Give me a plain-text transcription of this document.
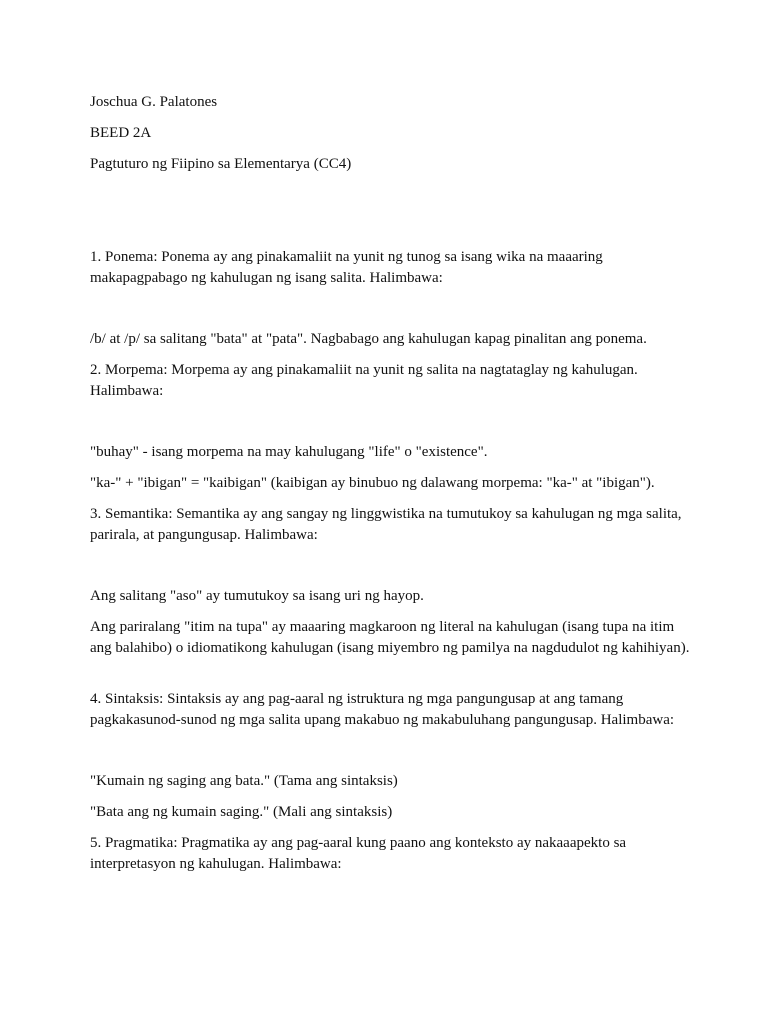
Joschua G. Palatones

BEED 2A

Pagtuturo ng Fiipino sa Elementarya (CC4)

1. Ponema: Ponema ay ang pinakamaliit na yunit ng tunog sa isang wika na maaaring makapagpabago ng kahulugan ng isang salita. Halimbawa:

/b/ at /p/ sa salitang "bata" at "pata". Nagbabago ang kahulugan kapag pinalitan ang ponema.

2. Morpema: Morpema ay ang pinakamaliit na yunit ng salita na nagtataglay ng kahulugan. Halimbawa:

"buhay" - isang morpema na may kahulugang "life" o "existence".

"ka-" + "ibigan" = "kaibigan" (kaibigan ay binubuo ng dalawang morpema: "ka-" at "ibigan").

3. Semantika: Semantika ay ang sangay ng linggwistika na tumutukoy sa kahulugan ng mga salita, parirala, at pangungusap. Halimbawa:

Ang salitang "aso" ay tumutukoy sa isang uri ng hayop.

Ang pariralang "itim na tupa" ay maaaring magkaroon ng literal na kahulugan (isang tupa na itim ang balahibo) o idiomatikong kahulugan (isang miyembro ng pamilya na nagdudulot ng kahihiyan).

4. Sintaksis: Sintaksis ay ang pag-aaral ng istruktura ng mga pangungusap at ang tamang pagkakasunod-sunod ng mga salita upang makabuo ng makabuluhang pangungusap. Halimbawa:

"Kumain ng saging ang bata." (Tama ang sintaksis)

"Bata ang ng kumain saging." (Mali ang sintaksis)

5. Pragmatika: Pragmatika ay ang pag-aaral kung paano ang konteksto ay nakaaapekto sa interpretasyon ng kahulugan. Halimbawa:
